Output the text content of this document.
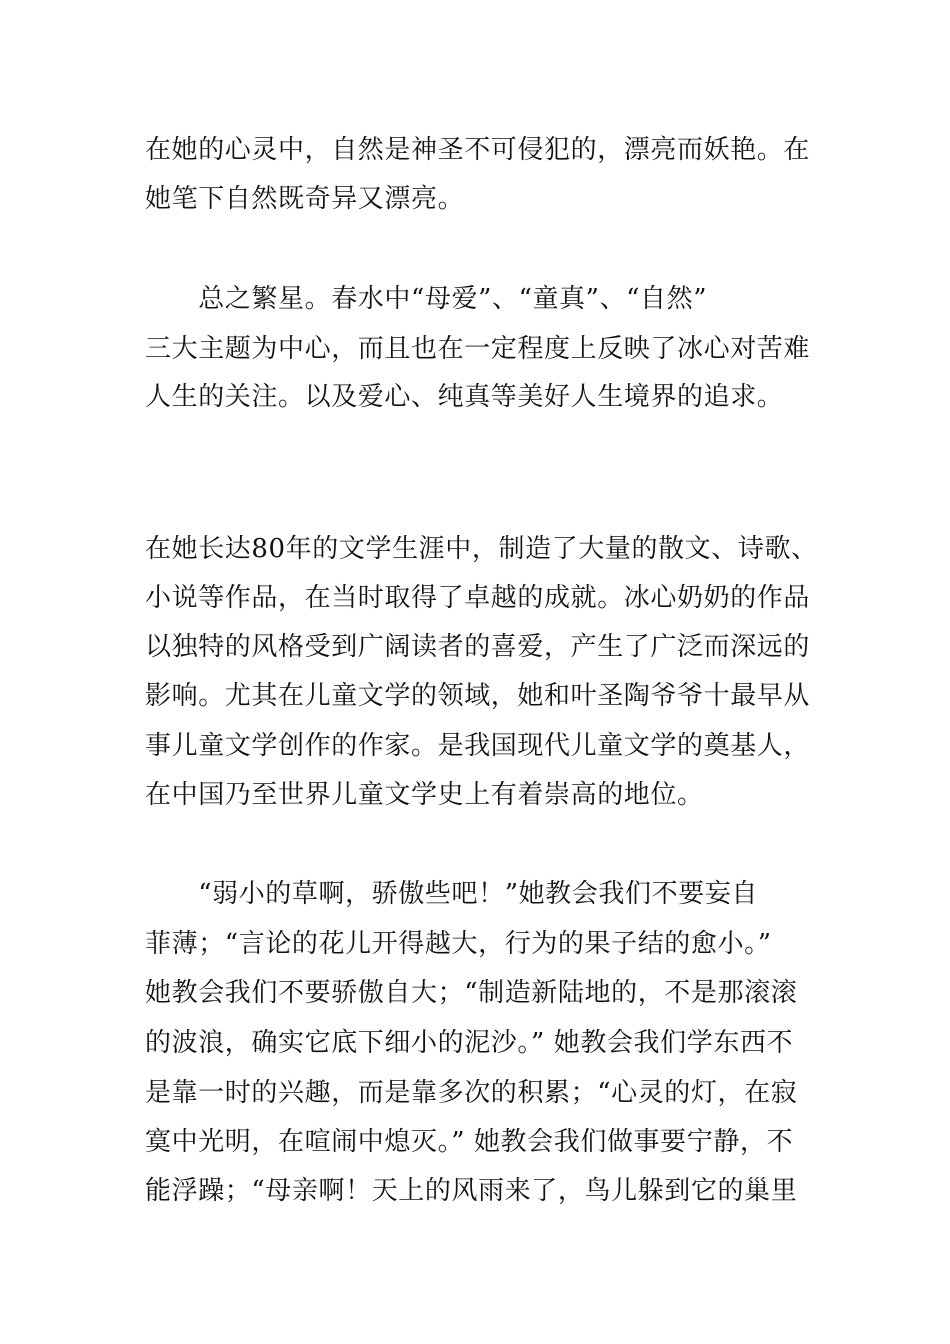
在她的心灵中，自然是神圣不可侵犯的，漂亮而妖艳。在
她笔下自然既奇异又漂亮。
　　总之繁星。春水中“母爱”、“童真”、“自然”
三大主题为中心，而且也在一定程度上反映了冰心对苦难
人生的关注。以及爱心、纯真等美好人生境界的追求。
在她长达80年的文学生涯中，制造了大量的散文、诗歌、
小说等作品，在当时取得了卓越的成就。冰心奶奶的作品
以独特的风格受到广阔读者的喜爱，产生了广泛而深远的
影响。尤其在儿童文学的领域，她和叶圣陶爷爷十最早从
事儿童文学创作的作家。是我国现代儿童文学的奠基人，
在中国乃至世界儿童文学史上有着崇高的地位。
　　“弱小的草啊，骄傲些吧！”她教会我们不要妄自
菲薄；“言论的花儿开得越大，行为的果子结的愈小。”
她教会我们不要骄傲自大；“制造新陆地的，不是那滚滚
的波浪，确实它底下细小的泥沙。” 她教会我们学东西不
是靠一时的兴趣，而是靠多次的积累；“心灵的灯，在寂
寞中光明，在喧闹中熄灭。” 她教会我们做事要宁静，不
能浮躁；“母亲啊！天上的风雨来了，鸟儿躲到它的巢里
